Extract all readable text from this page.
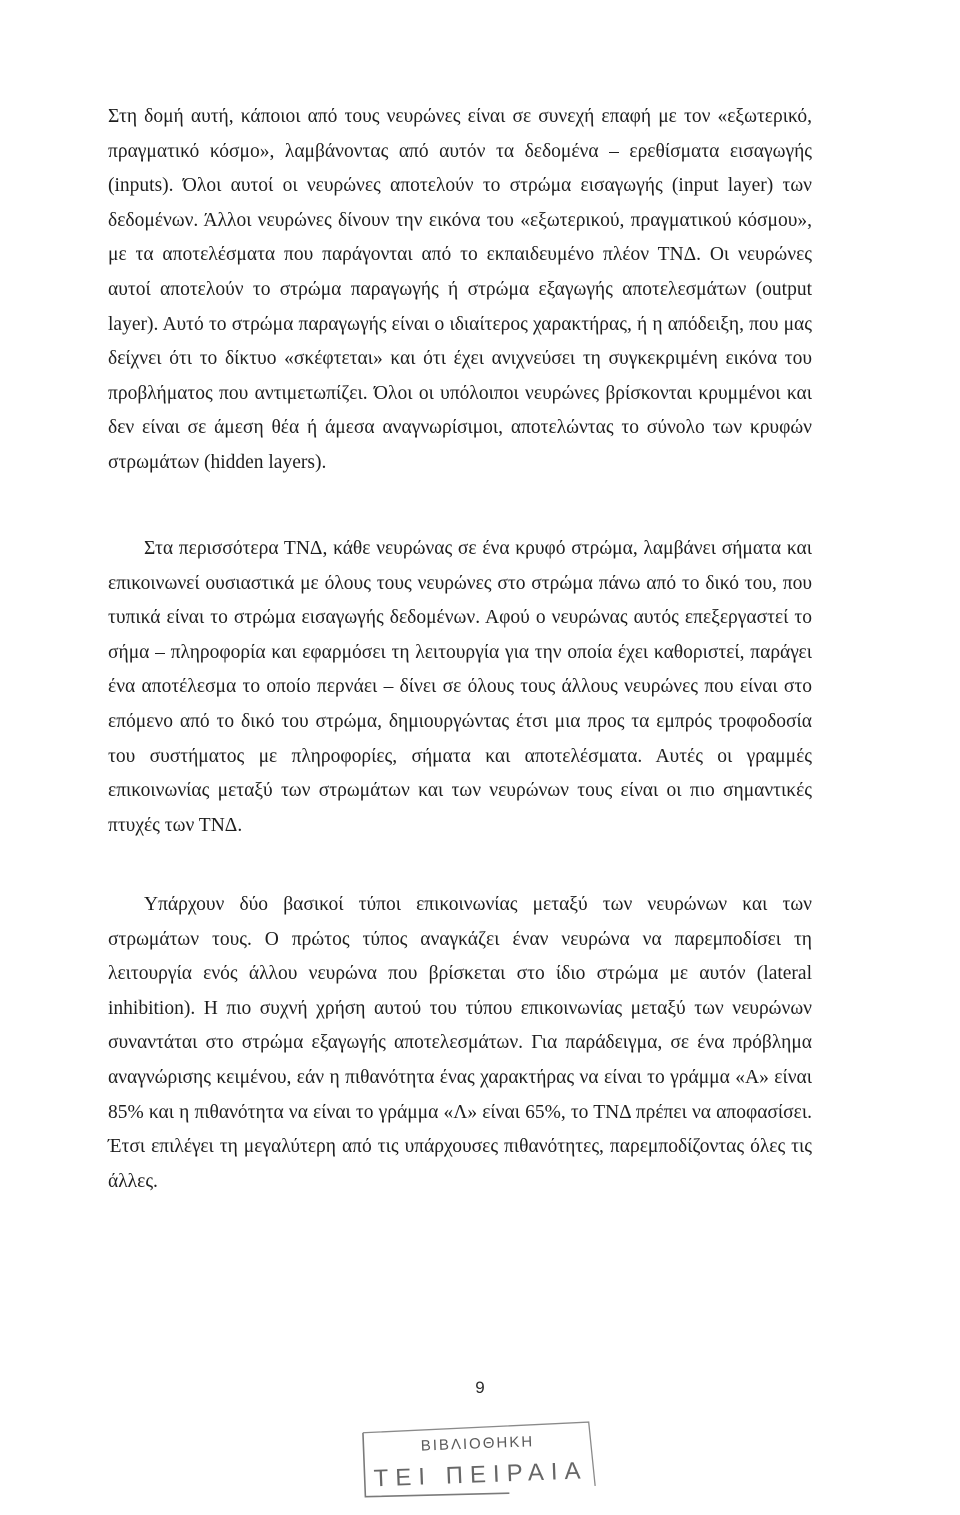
Στη δομή αυτή, κάποιοι από τους νευρώνες είναι σε συνεχή επαφή με τον «εξωτερικό, πραγματικό κόσμο», λαμβάνοντας από αυτόν τα δεδομένα – ερεθίσματα εισαγωγής (inputs). Όλοι αυτοί οι νευρώνες αποτελούν το στρώμα εισαγωγής (input layer) των δεδομένων. Άλλοι νευρώνες δίνουν την εικόνα του «εξωτερικού, πραγματικού κόσμου», με τα αποτελέσματα που παράγονται από το εκπαιδευμένο πλέον ΤΝΔ. Οι νευρώνες αυτοί αποτελούν το στρώμα παραγωγής ή στρώμα εξαγωγής αποτελεσμάτων (output layer). Αυτό το στρώμα παραγωγής είναι ο ιδιαίτερος χαρακτήρας, ή η απόδειξη, που μας δείχνει ότι το δίκτυο «σκέφτεται» και ότι έχει ανιχνεύσει τη συγκεκριμένη εικόνα του προβλήματος που αντιμετωπίζει. Όλοι οι υπόλοιποι νευρώνες βρίσκονται κρυμμένοι και δεν είναι σε άμεση θέα ή άμεσα αναγνωρίσιμοι, αποτελώντας το σύνολο των κρυφών στρωμάτων (hidden layers).

Στα περισσότερα ΤΝΔ, κάθε νευρώνας σε ένα κρυφό στρώμα, λαμβάνει σήματα και επικοινωνεί ουσιαστικά με όλους τους νευρώνες στο στρώμα πάνω από το δικό του, που τυπικά είναι το στρώμα εισαγωγής δεδομένων. Αφού ο νευρώνας αυτός επεξεργαστεί το σήμα – πληροφορία και εφαρμόσει τη λειτουργία για την οποία έχει καθοριστεί, παράγει ένα αποτέλεσμα το οποίο περνάει – δίνει σε όλους τους άλλους νευρώνες που είναι στο επόμενο από το δικό του στρώμα, δημιουργώντας έτσι μια προς τα εμπρός τροφοδοσία του συστήματος με πληροφορίες, σήματα και αποτελέσματα. Αυτές οι γραμμές επικοινωνίας μεταξύ των στρωμάτων και των νευρώνων τους είναι οι πιο σημαντικές πτυχές των ΤΝΔ.

Υπάρχουν δύο βασικοί τύποι επικοινωνίας μεταξύ των νευρώνων και των στρωμάτων τους. Ο πρώτος τύπος αναγκάζει έναν νευρώνα να παρεμποδίσει τη λειτουργία ενός άλλου νευρώνα που βρίσκεται στο ίδιο στρώμα με αυτόν (lateral inhibition). Η πιο συχνή χρήση αυτού του τύπου επικοινωνίας μεταξύ των νευρώνων συναντάται στο στρώμα εξαγωγής αποτελεσμάτων. Για παράδειγμα, σε ένα πρόβλημα αναγνώρισης κειμένου, εάν η πιθανότητα ένας χαρακτήρας να είναι το γράμμα «Α» είναι 85% και η πιθανότητα να είναι το γράμμα «Λ» είναι 65%, το ΤΝΔ πρέπει να αποφασίσει. Έτσι επιλέγει τη μεγαλύτερη από τις υπάρχουσες πιθανότητες, παρεμποδίζοντας όλες τις άλλες.

9
ΒΙΒΛΙΟΘΗΚΗ
ΤΕΙ ΠΕΙΡΑΙΑ
